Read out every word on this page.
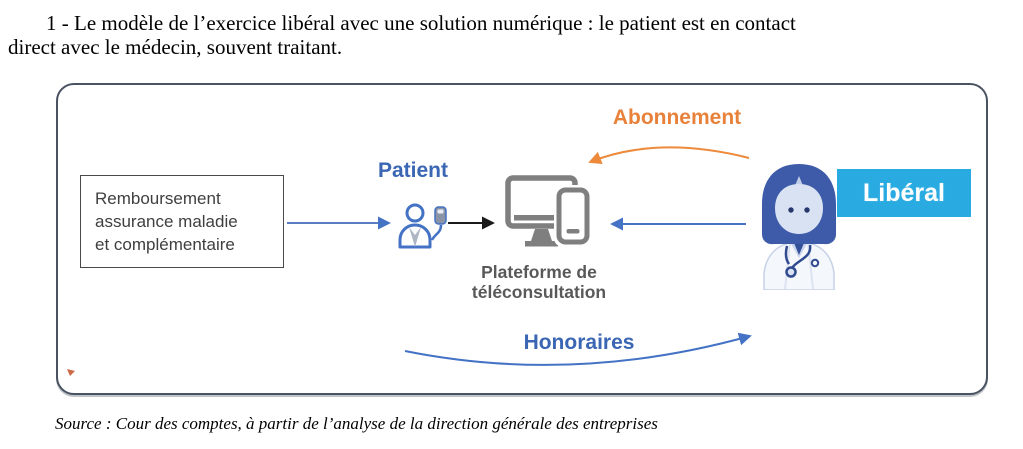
1 - Le modèle de l’exercice libéral avec une solution numérique : le patient est en contact
direct avec le médecin, souvent traitant.
Remboursement
assurance maladie
et complémentaire
Patient
Plateforme de
téléconsultation
Libéral
Abonnement
Honoraires
Source : Cour des comptes, à partir de l’analyse de la direction générale des entreprises
